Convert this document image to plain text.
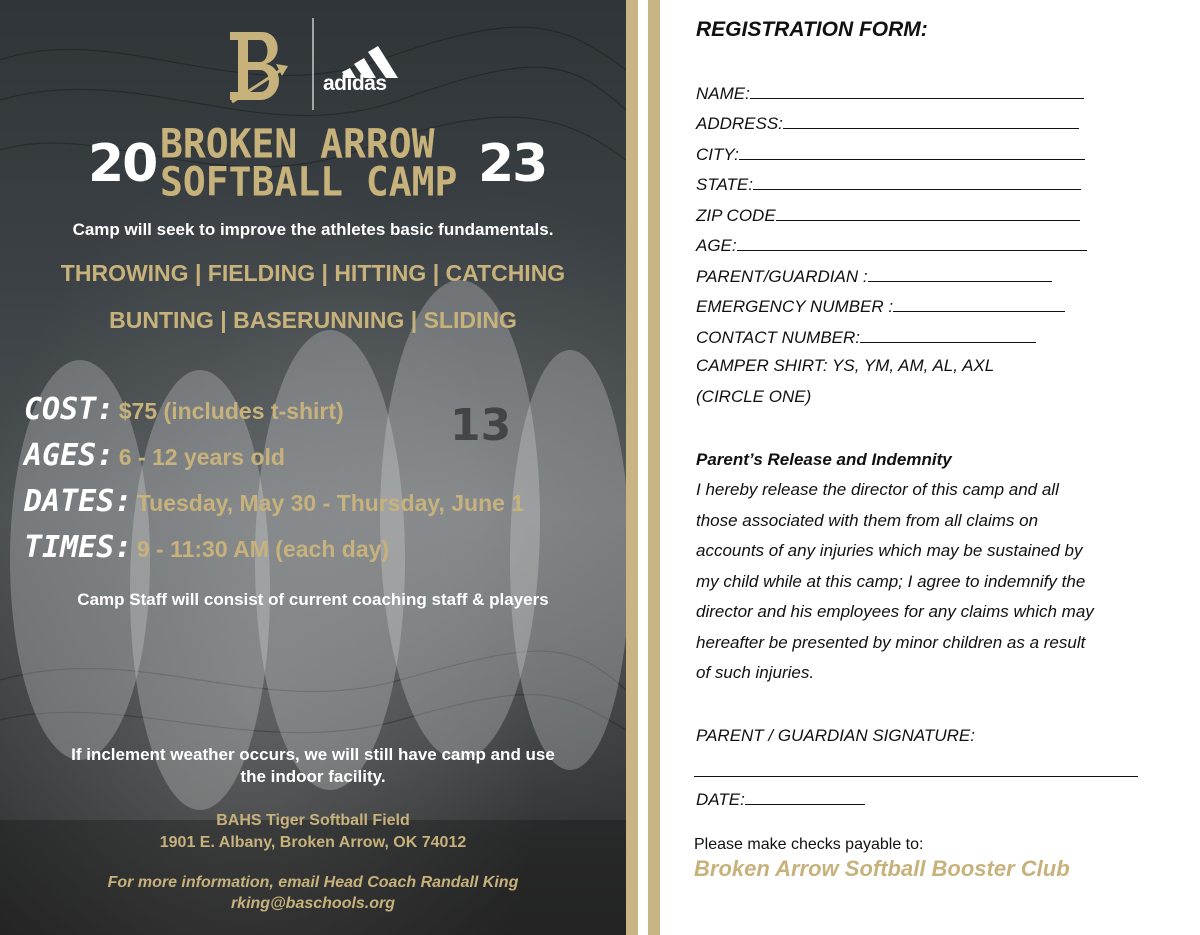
13
adidas
20 BROKEN ARROW
SOFTBALL CAMP 23
Camp will seek to improve the athletes basic fundamentals.
THROWING | FIELDING | HITTING | CATCHING
BUNTING | BASERUNNING | SLIDING
COST: $75 (includes t-shirt)
AGES: 6 - 12 years old
DATES: Tuesday, May 30 - Thursday, June 1
TIMES: 9 - 11:30 AM (each day)
Camp Staff will consist of current coaching staff & players
If inclement weather occurs, we will still have camp and use
the indoor facility.
BAHS Tiger Softball Field
1901 E. Albany, Broken Arrow, OK 74012
For more information, email Head Coach Randall King
rking@baschools.org
REGISTRATION FORM:
NAME:
ADDRESS:
CITY:
STATE:
ZIP CODE
AGE:
PARENT/GUARDIAN :
EMERGENCY NUMBER :
CONTACT NUMBER:
CAMPER SHIRT: YS, YM, AM, AL, AXL
(CIRCLE ONE)
Parent’s Release and Indemnity
I hereby release the director of this camp and all
those associated with them from all claims on
accounts of any injuries which may be sustained by
my child while at this camp; I agree to indemnify the
director and his employees for any claims which may
hereafter be presented by minor children as a result
of such injuries.
PARENT / GUARDIAN SIGNATURE:
DATE:
Please make checks payable to:
Broken Arrow Softball Booster Club
